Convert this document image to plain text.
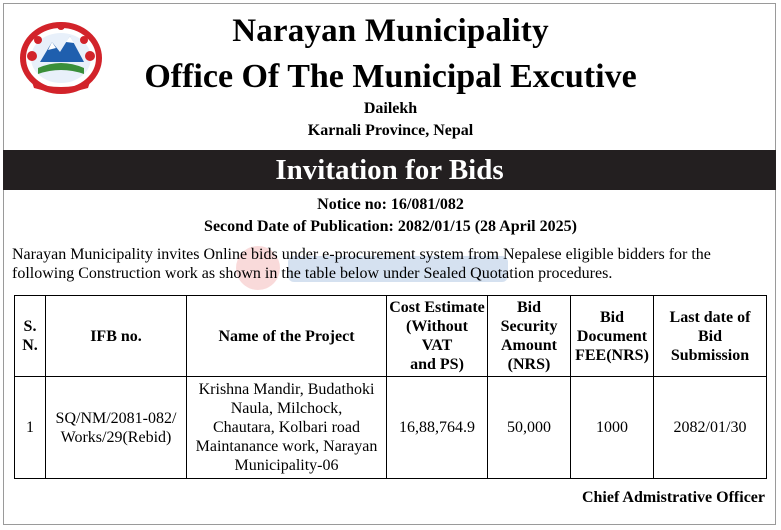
Narayan Municipality
Office Of The Municipal Excutive
Dailekh
Karnali Province, Nepal
Invitation for Bids
Notice no: 16/081/082
Second Date of Publication: 2082/01/15 (28 April 2025)
Narayan Municipality invites Online bids under e-procurement system from Nepalese eligible bidders for the following Construction work as shown in the table below under Sealed Quotation procedures.
S.
N.	IFB no.	Name of the Project	Cost Estimate
(Without VAT
and PS)	Bid
Security
Amount
(NRS)	Bid
Document
FEE(NRS)	Last date of
Bid
Submission
1	SQ/NM/2081-082/
Works/29(Rebid)	Krishna Mandir, Budathoki
Naula, Milchock,
Chautara, Kolbari road
Maintanance work, Narayan
Municipality-06	16,88,764.9	50,000	1000	2082/01/30
Chief Admistrative Officer
